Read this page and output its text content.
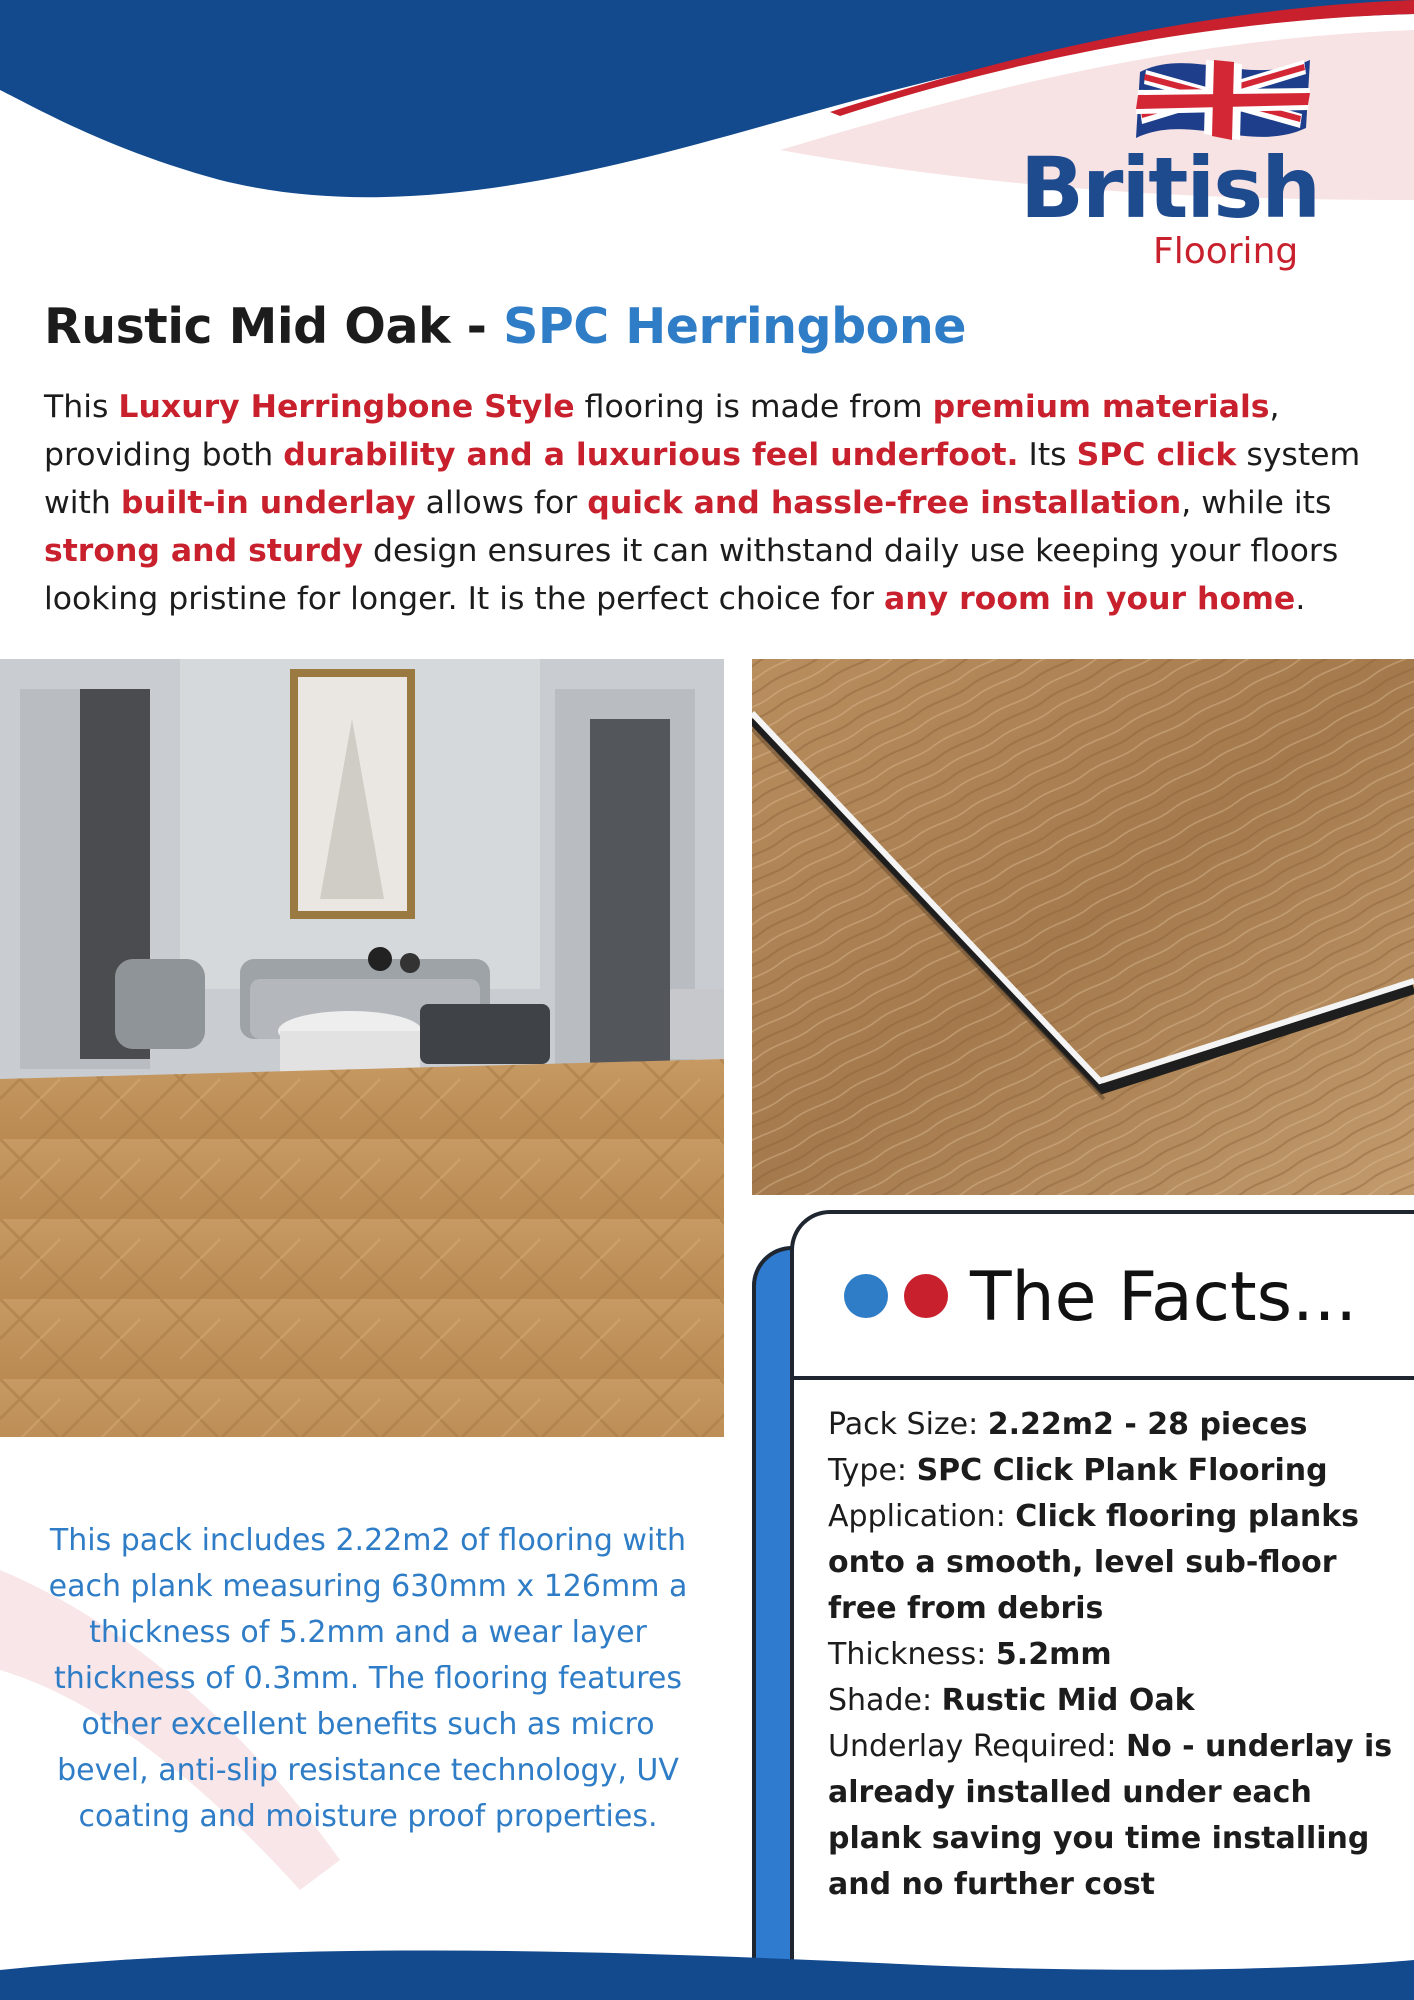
British
Flooring
Rustic Mid Oak - SPC Herringbone

This Luxury Herringbone Style flooring is made from premium materials, providing both durability and a luxurious feel underfoot. Its SPC click system with built-in underlay allows for quick and hassle-free installation, while its strong and sturdy design ensures it can withstand daily use keeping your floors looking pristine for longer. It is the perfect choice for any room in your home.

This pack includes 2.22m2 of flooring with each plank measuring 630mm x 126mm a thickness of 5.2mm and a wear layer thickness of 0.3mm. The flooring features other excellent benefits such as micro bevel, anti-slip resistance technology, UV coating and moisture proof properties.

The Facts...
Pack Size: 2.22m2 - 28 pieces
Type: SPC Click Plank Flooring
Application: Click flooring planks onto a smooth, level sub-floor free from debris
Thickness: 5.2mm
Shade: Rustic Mid Oak
Underlay Required: No - underlay is already installed under each plank saving you time installing and no further cost
